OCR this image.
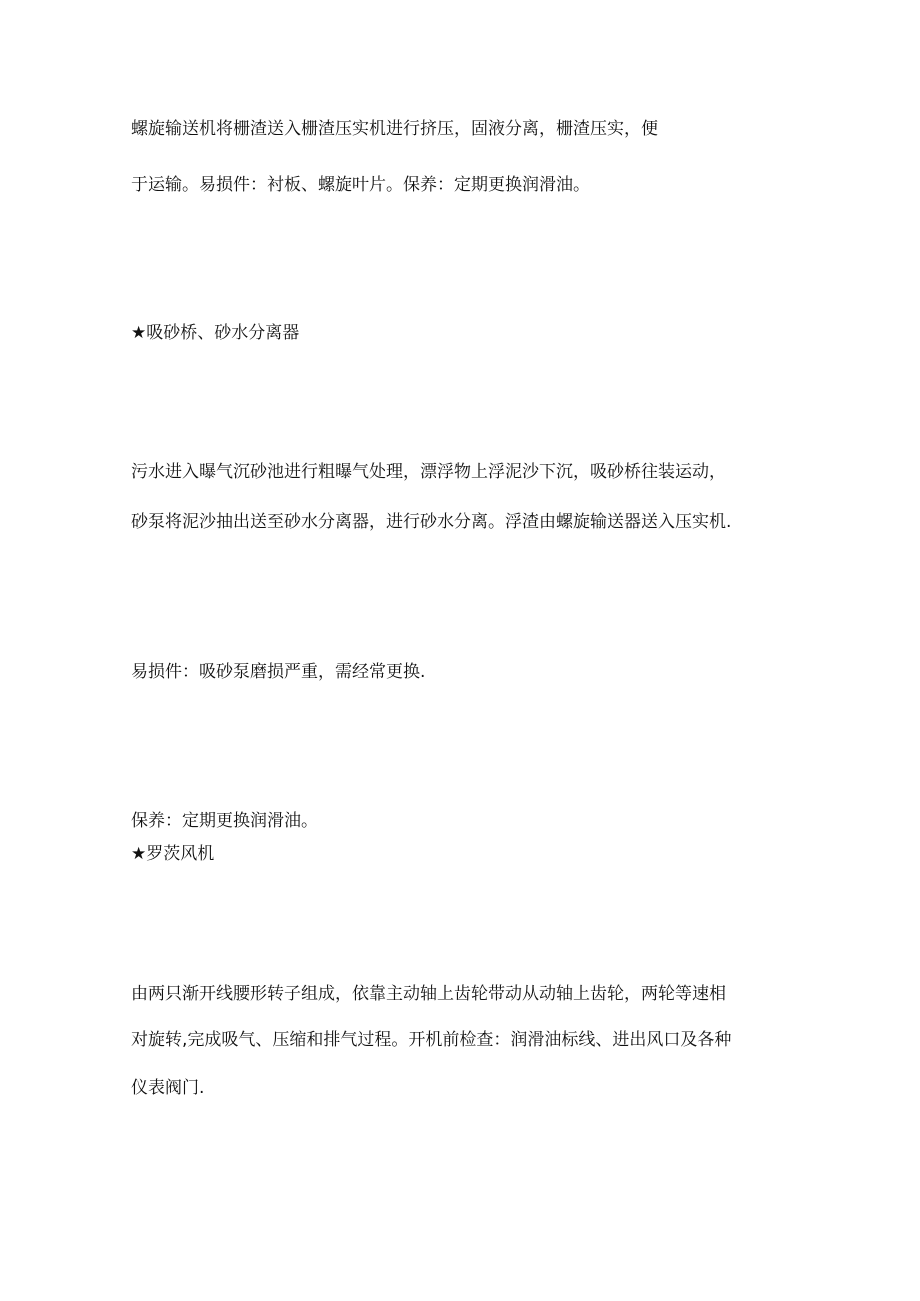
螺旋输送机将栅渣送入栅渣压实机进行挤压，固液分离，栅渣压实，便
于运输。易损件：衬板、螺旋叶片。保养：定期更换润滑油。
★吸砂桥、砂水分离器
污水进入曝气沉砂池进行粗曝气处理，漂浮物上浮泥沙下沉，吸砂桥往装运动，
砂泵将泥沙抽出送至砂水分离器，进行砂水分离。浮渣由螺旋输送器送入压实机.
易损件：吸砂泵磨损严重，需经常更换.
保养：定期更换润滑油。
★罗茨风机
由两只渐开线腰形转子组成，依靠主动轴上齿轮带动从动轴上齿轮，两轮等速相
对旋转,完成吸气、压缩和排气过程。开机前检查：润滑油标线、进出风口及各种
仪表阀门.
